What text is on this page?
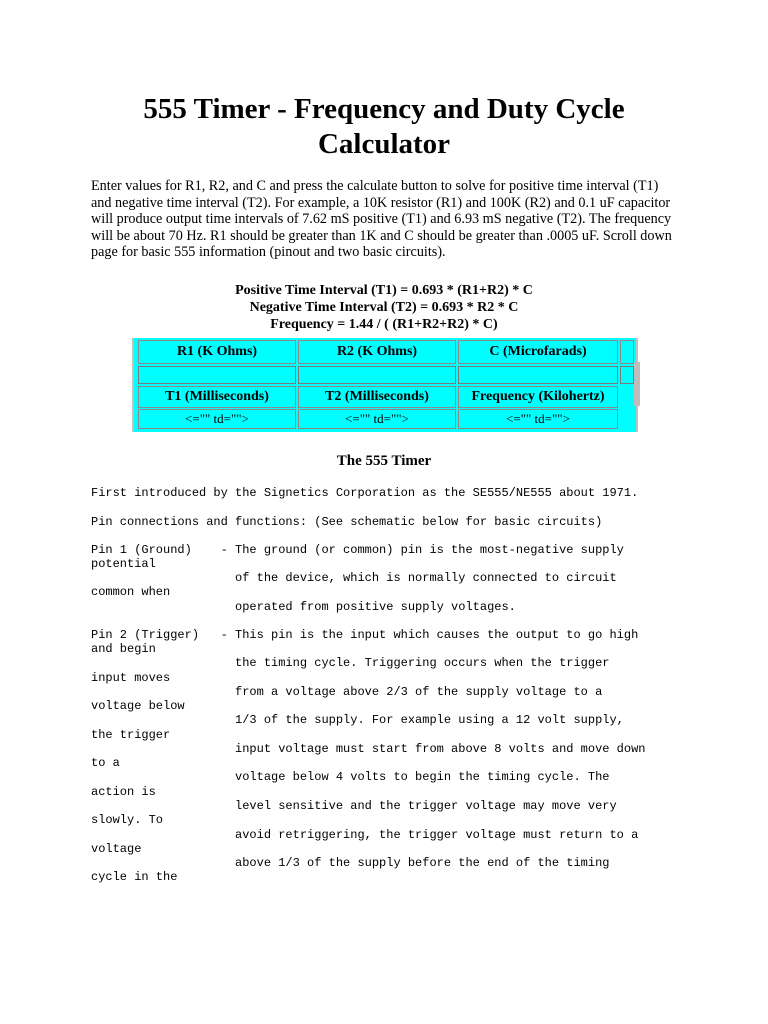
555 Timer - Frequency and Duty Cycle
Calculator

Enter values for R1, R2, and C and press the calculate button to solve for positive time interval (T1) and negative time interval (T2). For example, a 10K resistor (R1) and 100K (R2) and 0.1 uF capacitor will produce output time intervals of 7.62 mS positive (T1) and 6.93 mS negative (T2). The frequency will be about 70 Hz. R1 should be greater than 1K and C should be greater than .0005 uF. Scroll down page for basic 555 information (pinout and two basic circuits).

Positive Time Interval (T1) = 0.693 * (R1+R2) * C
Negative Time Interval (T2) = 0.693 * R2 * C
Frequency = 1.44 / ( (R1+R2+R2) * C)
R1 (K Ohms)	R2 (K Ohms)	C (Microfarads)
T1 (Milliseconds)	T2 (Milliseconds)	Frequency (Kilohertz)
<="" td="">	<="" td="">	<="" td="">
The 555 Timer
First introduced by the Signetics Corporation as the SE555/NE555 about 1971.
Pin connections and functions: (See schematic below for basic circuits)
Pin 1 (Ground)    - The ground (or common) pin is the most-negative supply
potential
of the device, which is normally connected to circuit
common when
operated from positive supply voltages.
Pin 2 (Trigger)   - This pin is the input which causes the output to go high
and begin
the timing cycle. Triggering occurs when the trigger
input moves
from a voltage above 2/3 of the supply voltage to a
voltage below
1/3 of the supply. For example using a 12 volt supply,
the trigger
input voltage must start from above 8 volts and move down
to a
voltage below 4 volts to begin the timing cycle. The
action is
level sensitive and the trigger voltage may move very
slowly. To
avoid retriggering, the trigger voltage must return to a
voltage
above 1/3 of the supply before the end of the timing
cycle in the
